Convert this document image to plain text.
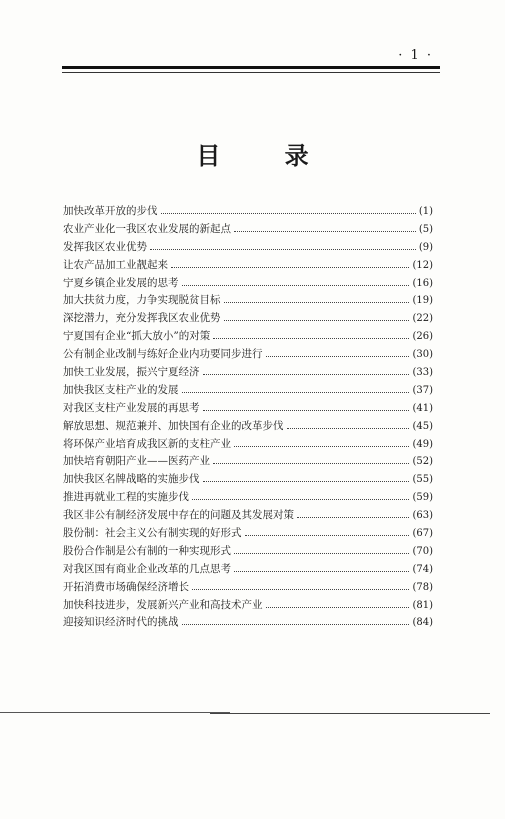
· 1 ·
目 录
加快改革开放的步伐	(1)
农业产业化一我区农业发展的新起点	(5)
发挥我区农业优势	(9)
让农产品加工业靓起来	(12)
宁夏乡镇企业发展的思考	(16)
加大扶贫力度，力争实现脱贫目标	(19)
深挖潜力，充分发挥我区农业优势	(22)
宁夏国有企业“抓大放小”的对策	(26)
公有制企业改制与练好企业内功要同步进行	(30)
加快工业发展，振兴宁夏经济	(33)
加快我区支柱产业的发展	(37)
对我区支柱产业发展的再思考	(41)
解放思想、规范兼并、加快国有企业的改革步伐	(45)
将环保产业培育成我区新的支柱产业	(49)
加快培育朝阳产业——医药产业	(52)
加快我区名牌战略的实施步伐	(55)
推进再就业工程的实施步伐	(59)
我区非公有制经济发展中存在的问题及其发展对策	(63)
股份制：社会主义公有制实现的好形式	(67)
股份合作制是公有制的一种实现形式	(70)
对我区国有商业企业改革的几点思考	(74)
开拓消费市场确保经济增长	(78)
加快科技进步，发展新兴产业和高技术产业	(81)
迎接知识经济时代的挑战	(84)
